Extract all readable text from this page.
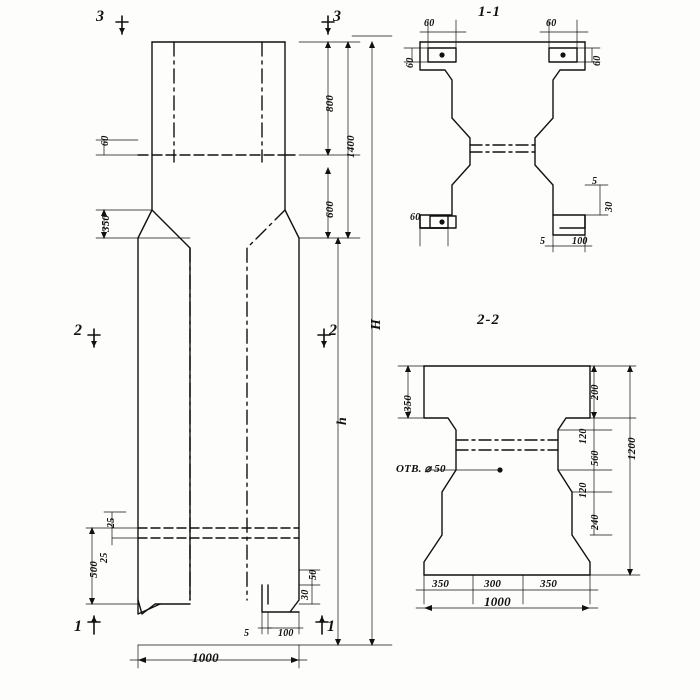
1-1
2-2
3	3
2	2
1	1
800
1400
600
350
60
H
h
500
25
25
1000
5	100
50
30
60	60
60	60
60
5	100
5
30
350
200
120
560
120
240
1200
OTB. ⌀ 50
350	300	350
1000
